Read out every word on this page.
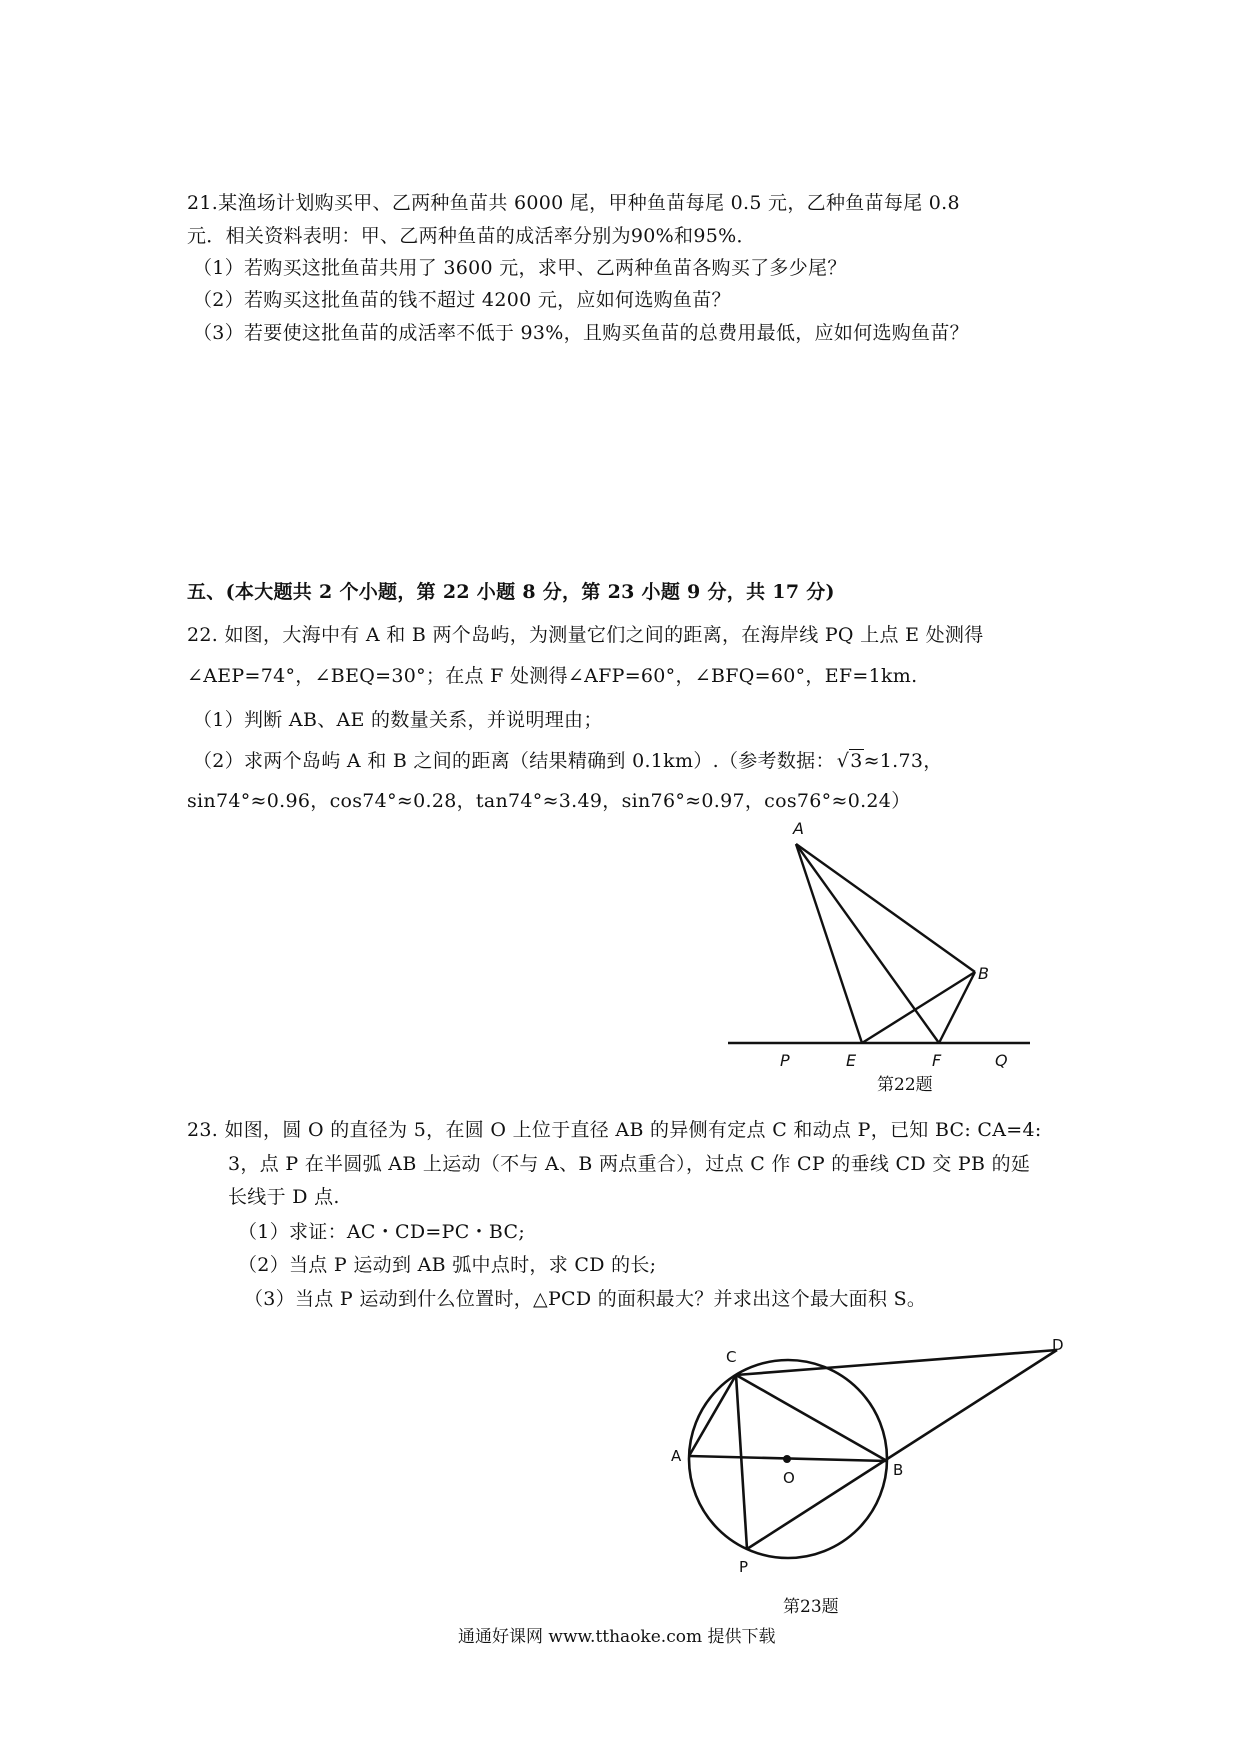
21.某渔场计划购买甲、乙两种鱼苗共 6000 尾，甲种鱼苗每尾 0.5 元，乙种鱼苗每尾 0.8
元．相关资料表明：甲、乙两种鱼苗的成活率分别为90%和95%．
（1）若购买这批鱼苗共用了 3600 元，求甲、乙两种鱼苗各购买了多少尾？
（2）若购买这批鱼苗的钱不超过 4200 元，应如何选购鱼苗？
（3）若要使这批鱼苗的成活率不低于 93%，且购买鱼苗的总费用最低，应如何选购鱼苗？
五、(本大题共 2 个小题，第 22 小题 8 分，第 23 小题 9 分，共 17 分)
22. 如图，大海中有 A 和 B 两个岛屿，为测量它们之间的距离，在海岸线 PQ 上点 E 处测得
∠AEP=74°，∠BEQ=30°；在点 F 处测得∠AFP=60°，∠BFQ=60°，EF=1km.
（1）判断 AB、AE 的数量关系，并说明理由；
（2）求两个岛屿 A 和 B 之间的距离（结果精确到 0.1km）.（参考数据： √3≈1.73，
sin74°≈0.96，cos74°≈0.28，tan74°≈3.49，sin76°≈0.97，cos76°≈0.24）
A
B
P	E	F	Q
第22题
23. 如图，圆 O 的直径为 5，在圆 O 上位于直径 AB 的异侧有定点 C 和动点 P，已知 BC: CA=4:
3，点 P 在半圆弧 AB 上运动（不与 A、B 两点重合），过点 C 作 CP 的垂线 CD 交 PB 的延
长线于 D 点.
（1）求证：AC・CD=PC・BC;
（2）当点 P 运动到 AB 弧中点时，求 CD 的长;
（3）当点 P 运动到什么位置时，△PCD 的面积最大？并求出这个最大面积 S。
C
D
A
O	B
P
第23题
通通好课网 www.tthaoke.com 提供下载
